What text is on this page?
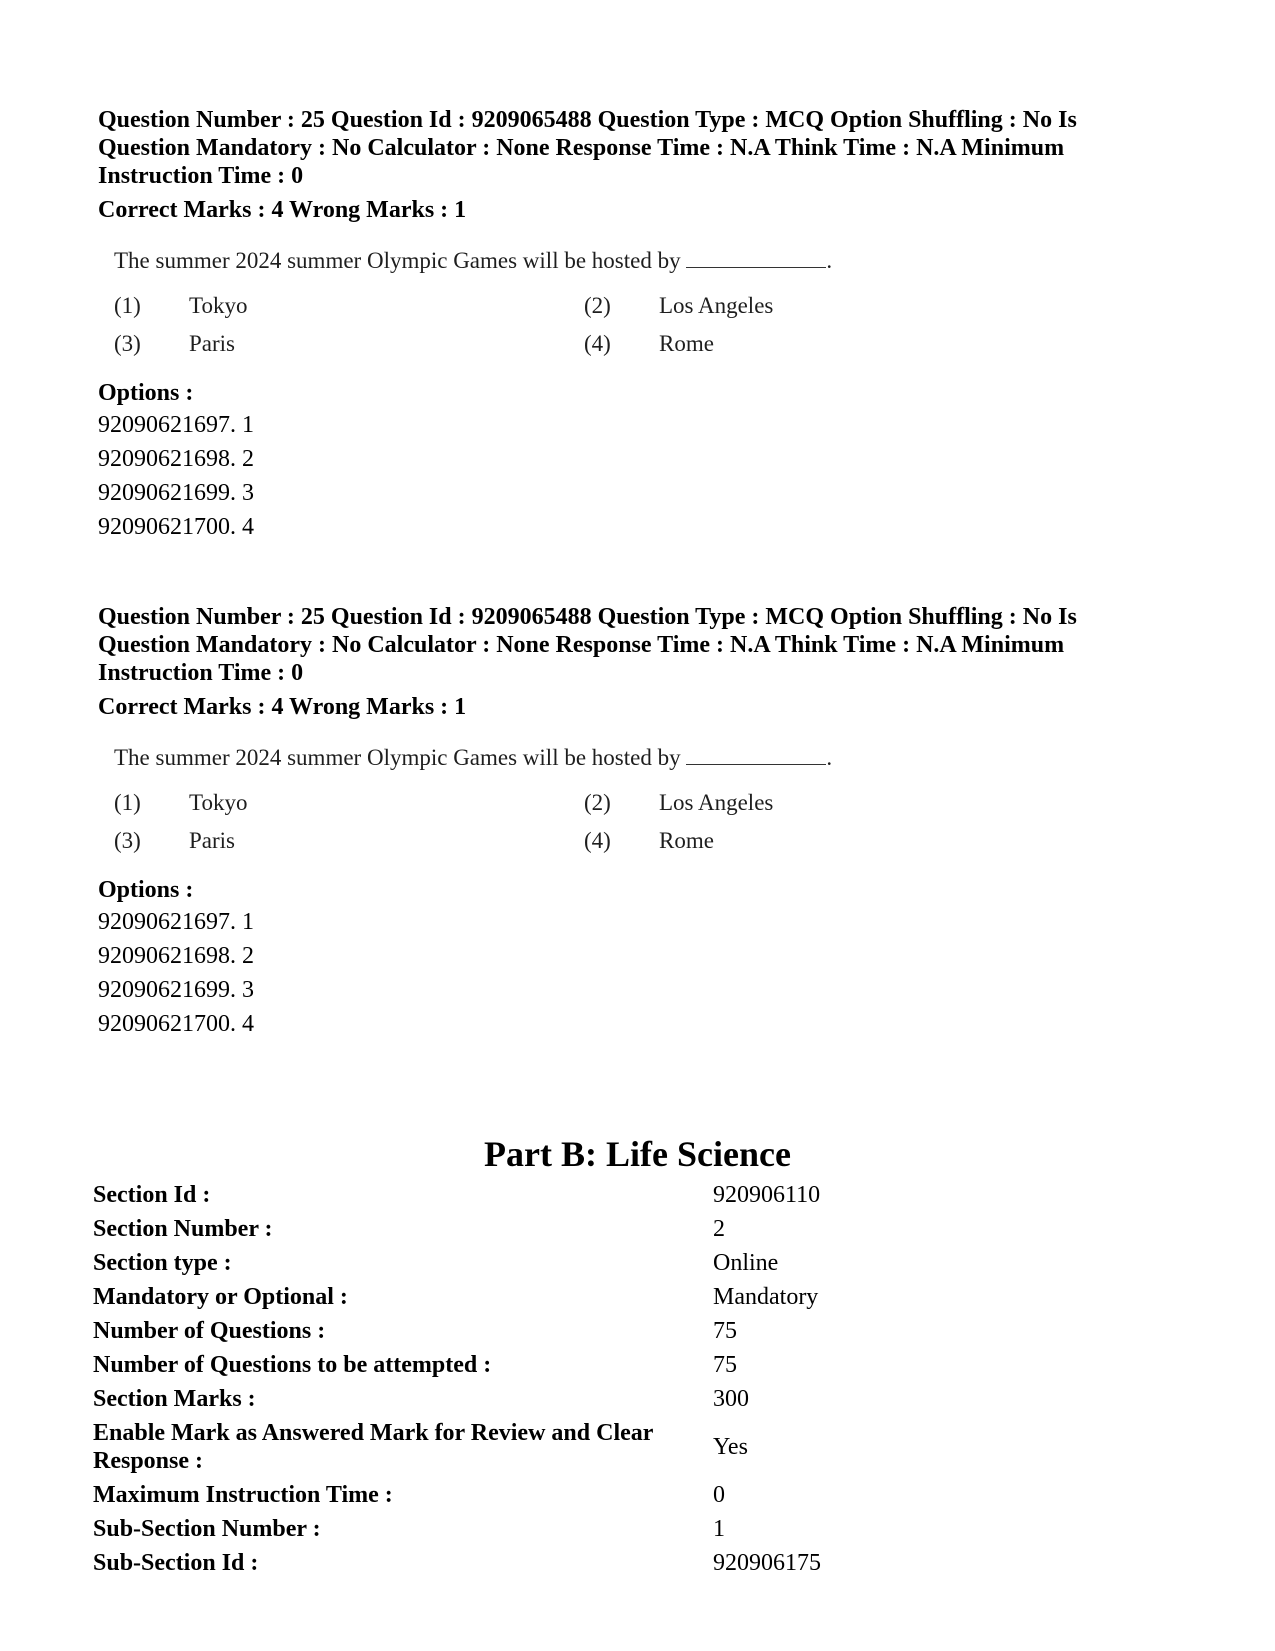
Question Number : 25 Question Id : 9209065488 Question Type : MCQ Option Shuffling : No Is Question Mandatory : No Calculator : None Response Time : N.A Think Time : N.A Minimum Instruction Time : 0

Correct Marks : 4 Wrong Marks : 1
The summer 2024 summer Olympic Games will be hosted by	.
(1)	Tokyo	(2)	Los Angeles
(3)	Paris	(4)	Rome
Options :
92090621697. 1
92090621698. 2
92090621699. 3
92090621700. 4

Question Number : 25 Question Id : 9209065488 Question Type : MCQ Option Shuffling : No Is Question Mandatory : No Calculator : None Response Time : N.A Think Time : N.A Minimum Instruction Time : 0

Correct Marks : 4 Wrong Marks : 1
The summer 2024 summer Olympic Games will be hosted by	.
(1)	Tokyo	(2)	Los Angeles
(3)	Paris	(4)	Rome
Options :
92090621697. 1
92090621698. 2
92090621699. 3
92090621700. 4
Part B: Life Science
Section Id :	920906110
Section Number :	2
Section type :	Online
Mandatory or Optional :	Mandatory
Number of Questions :	75
Number of Questions to be attempted :	75
Section Marks :	300
Enable Mark as Answered Mark for Review and Clear Response :	Yes
Maximum Instruction Time :	0
Sub-Section Number :	1
Sub-Section Id :	920906175
